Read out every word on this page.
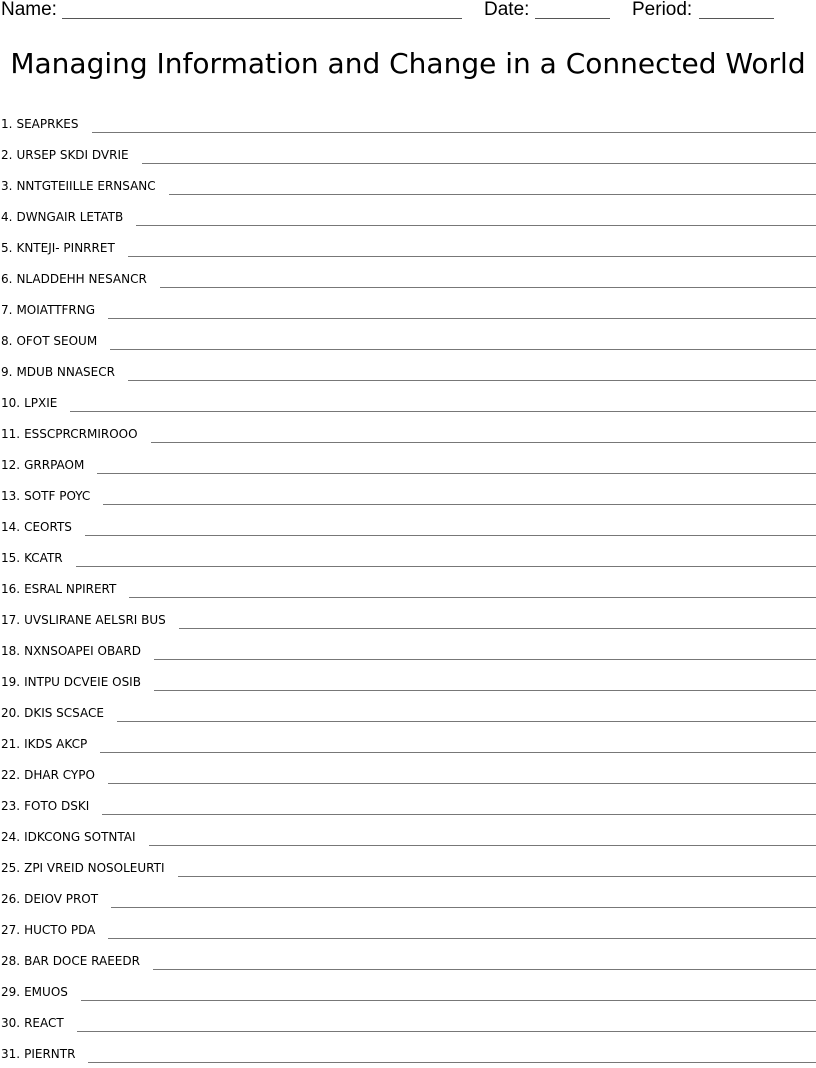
Name:	Date:	Period:
Managing Information and Change in a Connected World
1. SEAPRKES
2. URSEP SKDI DVRIE
3. NNTGTEIILLE ERNSANC
4. DWNGAIR LETATB
5. KNTEJI- PINRRET
6. NLADDEHH NESANCR
7. MOIATTFRNG
8. OFOT SEOUM
9. MDUB NNASECR
10. LPXIE
11. ESSCPRCRMIROOO
12. GRRPAOM
13. SOTF POYC
14. CEORTS
15. KCATR
16. ESRAL NPIRERT
17. UVSLIRANE AELSRI BUS
18. NXNSOAPEI OBARD
19. INTPU DCVEIE OSIB
20. DKIS SCSACE
21. IKDS AKCP
22. DHAR CYPO
23. FOTO DSKI
24. IDKCONG SOTNTAI
25. ZPI VREID NOSOLEURTI
26. DEIOV PROT
27. HUCTO PDA
28. BAR DOCE RAEEDR
29. EMUOS
30. REACT
31. PIERNTR
